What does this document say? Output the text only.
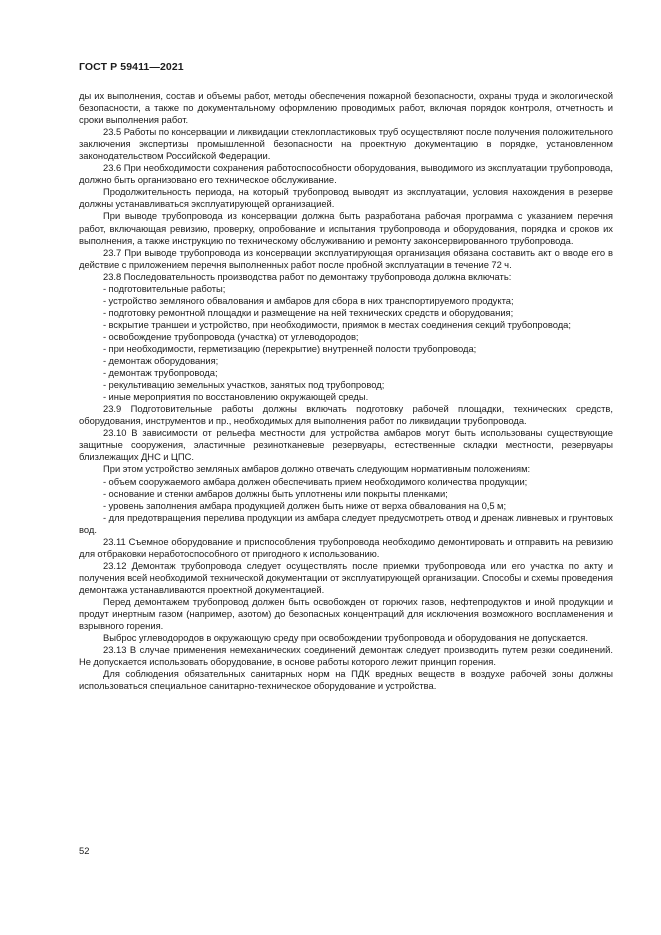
ГОСТ Р 59411—2021

ды их выполнения, состав и объемы работ, методы обеспечения пожарной безопасности, охраны труда и экологической безопасности, а также по документальному оформлению проводимых работ, включая порядок контроля, отчетность и сроки выполнения работ.

23.5 Работы по консервации и ликвидации стеклопластиковых труб осуществляют после получения положительного заключения экспертизы промышленной безопасности на проектную документацию в порядке, установленном законодательством Российской Федерации.

23.6 При необходимости сохранения работоспособности оборудования, выводимого из эксплуатации трубопровода, должно быть организовано его техническое обслуживание.

Продолжительность периода, на который трубопровод выводят из эксплуатации, условия нахождения в резерве должны устанавливаться эксплуатирующей организацией.

При выводе трубопровода из консервации должна быть разработана рабочая программа с указанием перечня работ, включающая ревизию, проверку, опробование и испытания трубопровода и оборудования, порядка и сроков их выполнения, а также инструкцию по техническому обслуживанию и ремонту законсервированного трубопровода.

23.7 При выводе трубопровода из консервации эксплуатирующая организация обязана составить акт о вводе его в действие с приложением перечня выполненных работ после пробной эксплуатации в течение 72 ч.

23.8 Последовательность производства работ по демонтажу трубопровода должна включать:

- подготовительные работы;

- устройство земляного обвалования и амбаров для сбора в них транспортируемого продукта;

- подготовку ремонтной площадки и размещение на ней технических средств и оборудования;

- вскрытие траншеи и устройство, при необходимости, приямок в местах соединения секций трубопровода;

- освобождение трубопровода (участка) от углеводородов;

- при необходимости, герметизацию (перекрытие) внутренней полости трубопровода;

- демонтаж оборудования;

- демонтаж трубопровода;

- рекультивацию земельных участков, занятых под трубопровод;

- иные мероприятия по восстановлению окружающей среды.

23.9 Подготовительные работы должны включать подготовку рабочей площадки, технических средств, оборудования, инструментов и пр., необходимых для выполнения работ по ликвидации трубопровода.

23.10 В зависимости от рельефа местности для устройства амбаров могут быть использованы существующие защитные сооружения, эластичные резинотканевые резервуары, естественные складки местности, резервуары близлежащих ДНС и ЦПС.

При этом устройство земляных амбаров должно отвечать следующим нормативным положениям:

- объем сооружаемого амбара должен обеспечивать прием необходимого количества продукции;

- основание и стенки амбаров должны быть уплотнены или покрыты пленками;

- уровень заполнения амбара продукцией должен быть ниже от верха обвалования на 0,5 м;

- для предотвращения перелива продукции из амбара следует предусмотреть отвод и дренаж ливневых и грунтовых вод.

23.11 Съемное оборудование и приспособления трубопровода необходимо демонтировать и отправить на ревизию для отбраковки неработоспособного от пригодного к использованию.

23.12 Демонтаж трубопровода следует осуществлять после приемки трубопровода или его участка по акту и получения всей необходимой технической документации от эксплуатирующей организации. Способы и схемы проведения демонтажа устанавливаются проектной документацией.

Перед демонтажем трубопровод должен быть освобожден от горючих газов, нефтепродуктов и иной продукции и продут инертным газом (например, азотом) до безопасных концентраций для исключения возможного воспламенения и взрывного горения.

Выброс углеводородов в окружающую среду при освобождении трубопровода и оборудования не допускается.

23.13 В случае применения немеханических соединений демонтаж следует производить путем резки соединений. Не допускается использовать оборудование, в основе работы которого лежит принцип горения.

Для соблюдения обязательных санитарных норм на ПДК вредных веществ в воздухе рабочей зоны должны использоваться специальное санитарно-техническое оборудование и устройства.

52
